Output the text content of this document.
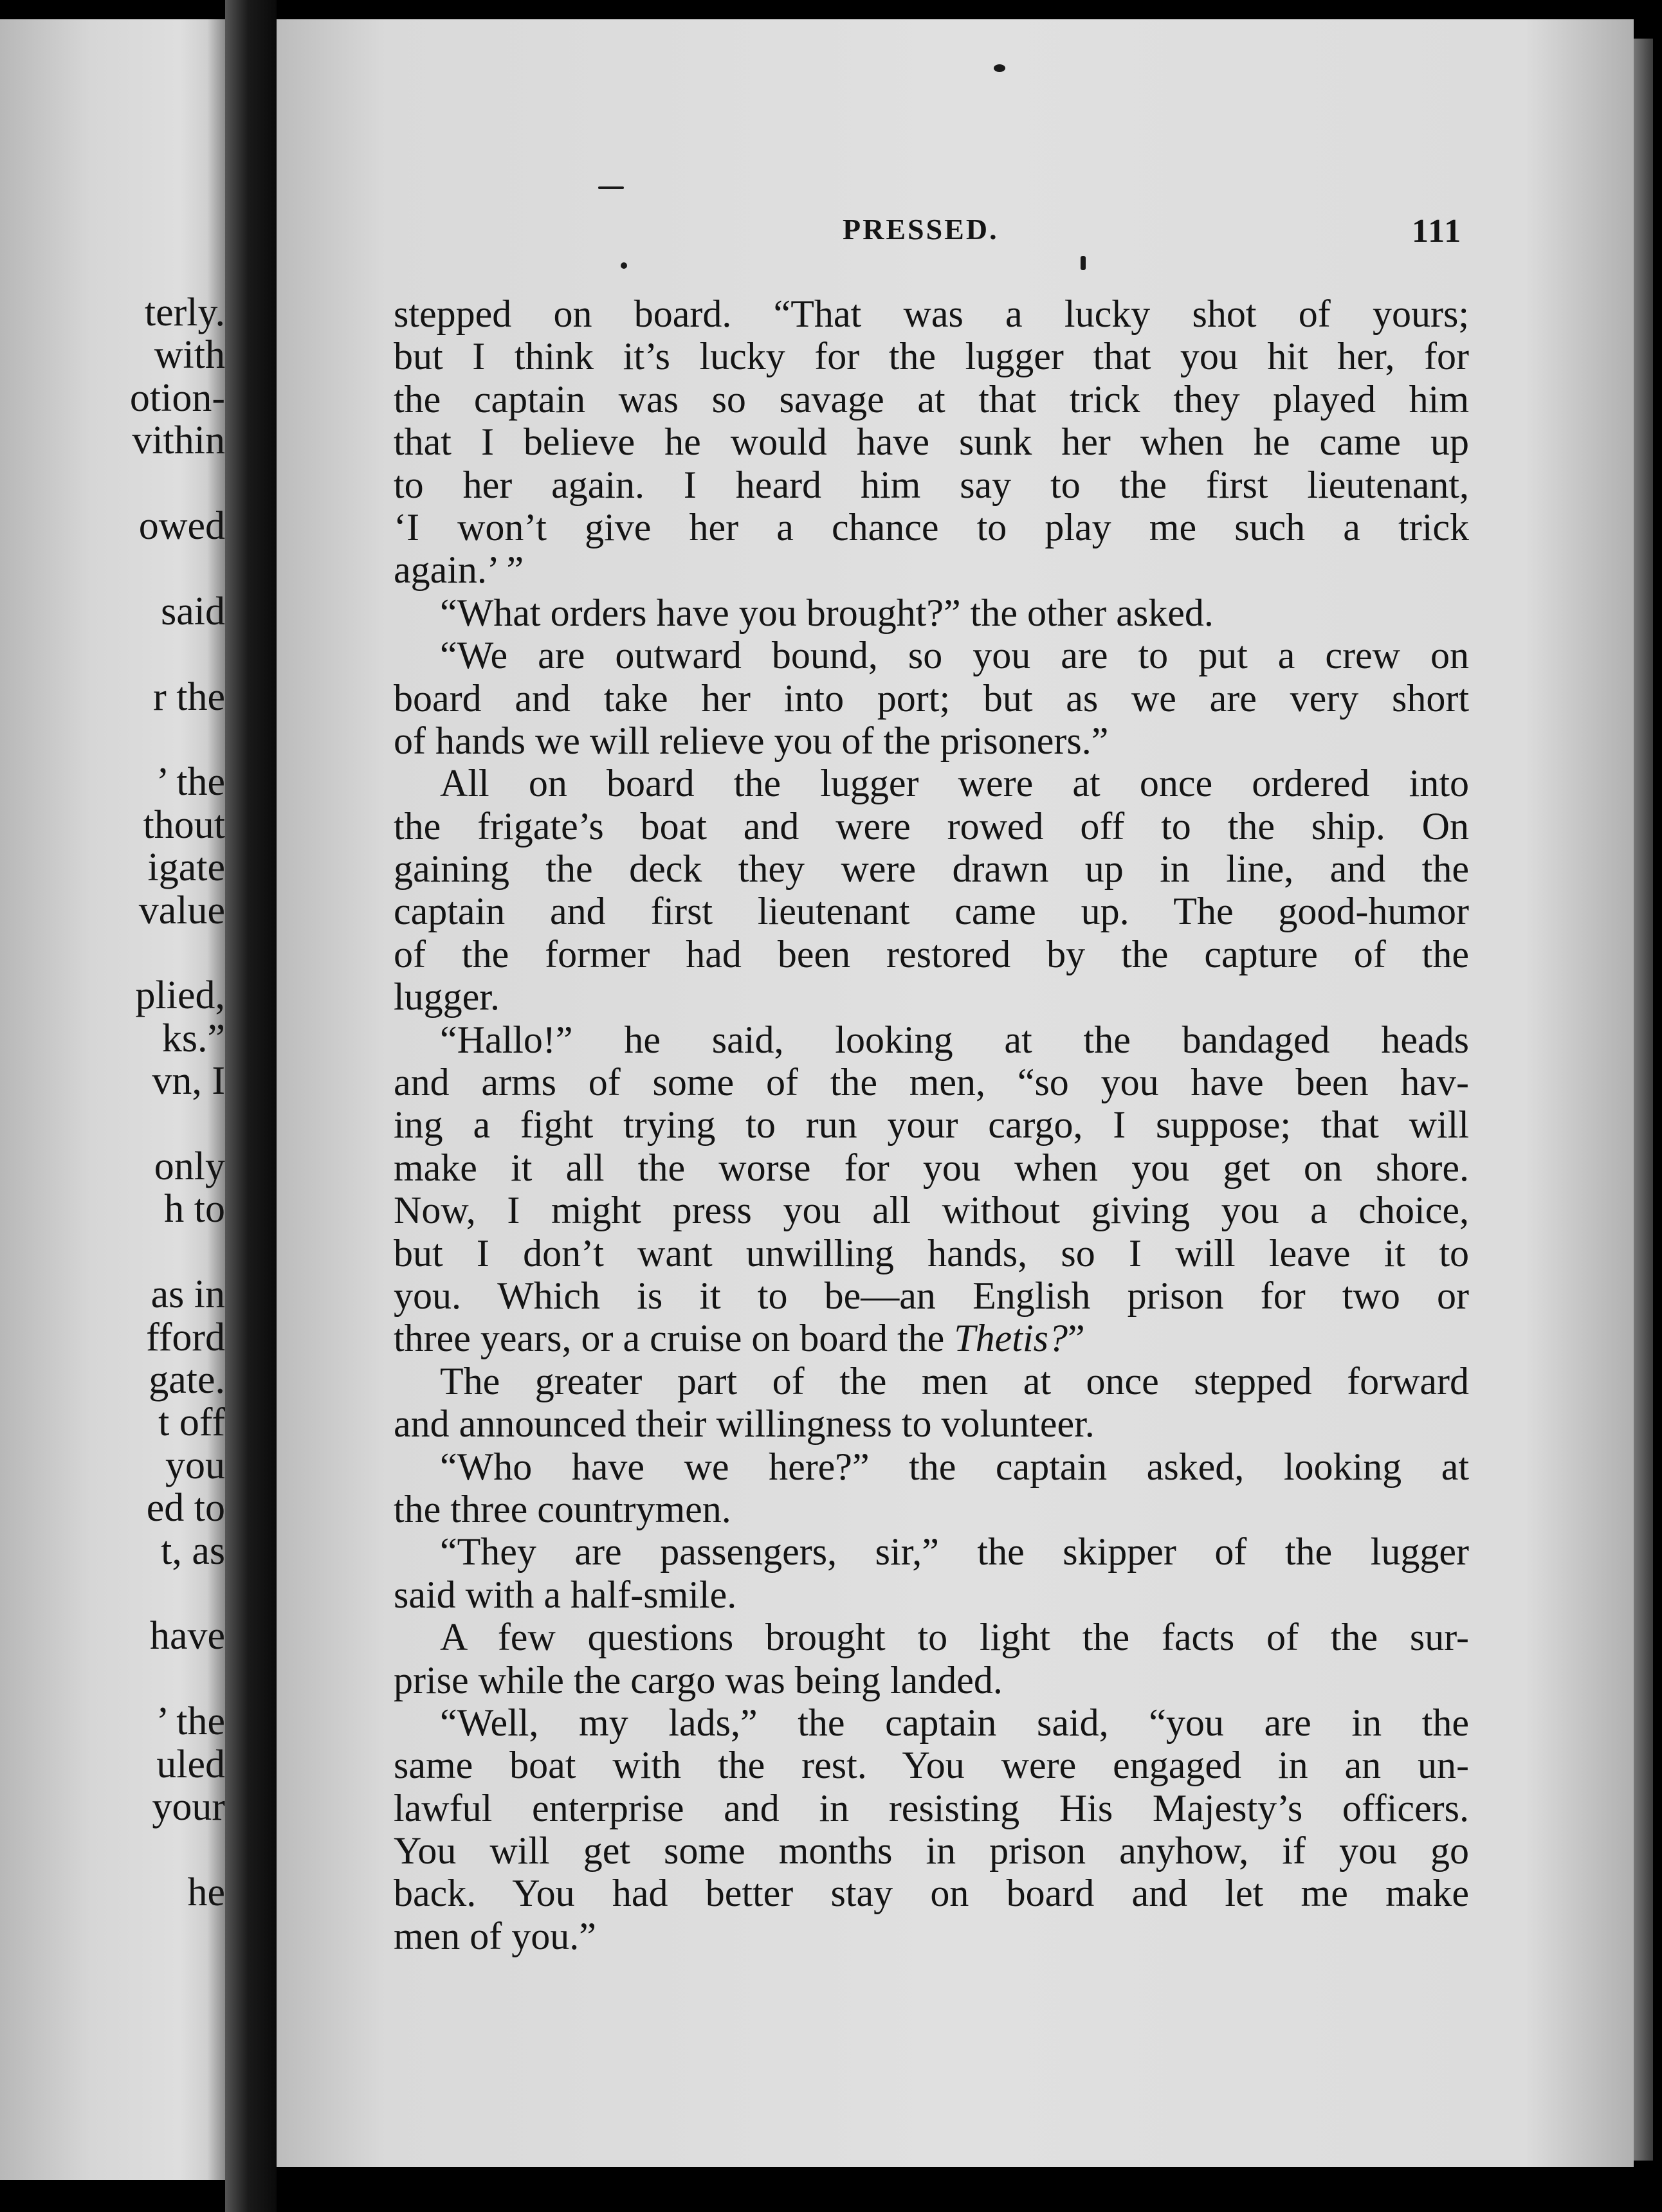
terly.
with
otion-
vithin
owed
said
r the
’ the
thout
igate
value
plied,
ks.”
vn, I
only
h to
as in
fford
gate.
t off
you
ed to
t, as
have
’ the
uled
your
he
PRESSED.	111
stepped on board. “That was a lucky shot of yours;
but I think it’s lucky for the lugger that you hit her, for
the captain was so savage at that trick they played him
that I believe he would have sunk her when he came up
to her again. I heard him say to the first lieutenant,
‘I won’t give her a chance to play me such a trick
again.’ ”
“What orders have you brought?” the other asked.
“We are outward bound, so you are to put a crew on
board and take her into port; but as we are very short
of hands we will relieve you of the prisoners.”
All on board the lugger were at once ordered into
the frigate’s boat and were rowed off to the ship. On
gaining the deck they were drawn up in line, and the
captain and first lieutenant came up. The good-humor
of the former had been restored by the capture of the
lugger.
“Hallo!” he said, looking at the bandaged heads
and arms of some of the men, “so you have been hav-
ing a fight trying to run your cargo, I suppose; that will
make it all the worse for you when you get on shore.
Now, I might press you all without giving you a choice,
but I don’t want unwilling hands, so I will leave it to
you. Which is it to be—an English prison for two or
three years, or a cruise on board the Thetis?”
The greater part of the men at once stepped forward
and announced their willingness to volunteer.
“Who have we here?” the captain asked, looking at
the three countrymen.
“They are passengers, sir,” the skipper of the lugger
said with a half-smile.
A few questions brought to light the facts of the sur-
prise while the cargo was being landed.
“Well, my lads,” the captain said, “you are in the
same boat with the rest. You were engaged in an un-
lawful enterprise and in resisting His Majesty’s officers.
You will get some months in prison anyhow, if you go
back. You had better stay on board and let me make
men of you.”
